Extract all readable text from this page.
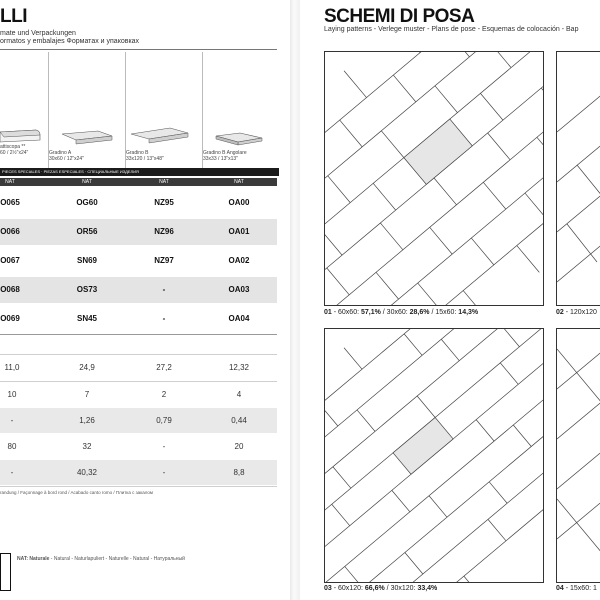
LLI
mate und Verpackungen
ormatos y embalajes Форматах и упаковках
attiscopa **
60 / 2½"x24"	Gradino A
30x60 / 12"x24"
Gradino B
33x120 / 13"x48"
Gradino B Angolare
33x33 / 13"x13"
PIECES SPECIALES · PIEZAS ESPECIALES · СПЕЦИАЛЬНЫЕ ИЗДЕЛИЯ
NAT	NAT	NAT	NAT
O065	OG60	NZ95	OA00
O066	OR56	NZ96	OA01
O067	SN69	NZ97	OA02
O068	OS73	-	OA03
O069	SN45	-	OA04
11,0	24,9	27,2	12,32
10	7	2	4
-	1,26	0,79	0,44
80	32	-	20
-	40,32	-	8,8
randung / Façonnage à bord rond / Acabado canto romo / Плитка с закалом
NAT: Naturale - Natural - Naturlapuliert - Naturelle - Natural - Натуральный
SCHEMI DI POSA
Laying patterns - Verlege muster - Plans de pose - Esquemas de colocación - Bap
01 - 60x60: 57,1% / 30x60: 28,6% / 15x60: 14,3%	02 - 120x120
03 - 60x120: 66,6% / 30x120: 33,4%	04 - 15x60: 1
